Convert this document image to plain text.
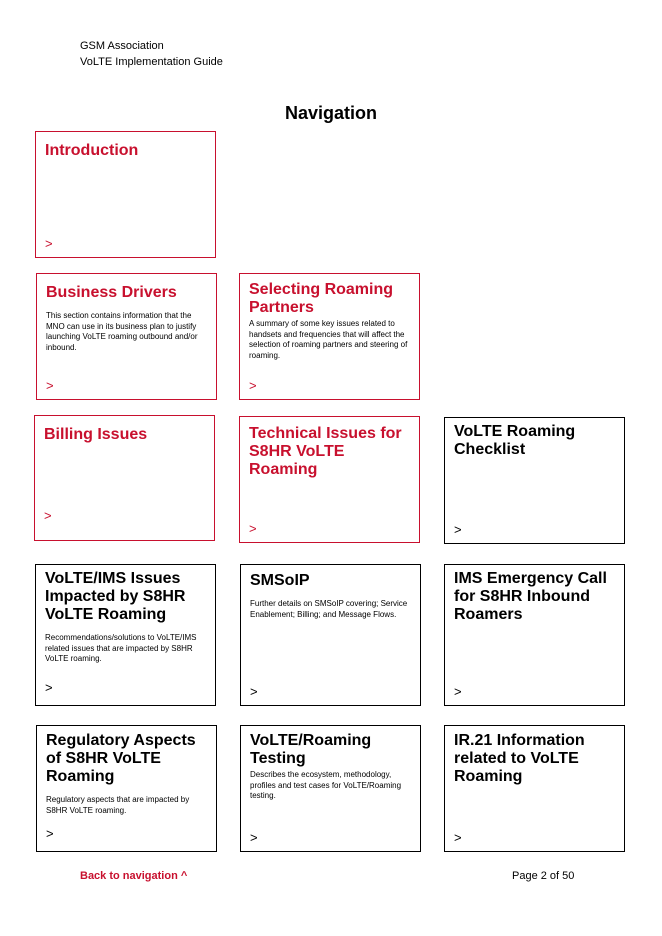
GSM Association
VoLTE Implementation Guide
Navigation
Introduction
>
Business Drivers
This section contains information that the MNO can use in its business plan to justify launching VoLTE roaming outbound and/or inbound.
>
Selecting Roaming Partners
A summary of some key issues related to handsets and frequencies that will affect the selection of roaming partners and steering of roaming.
>
Billing Issues
>
Technical Issues for S8HR VoLTE Roaming
>
VoLTE Roaming Checklist
>
VoLTE/IMS Issues Impacted by S8HR VoLTE Roaming
Recommendations/solutions to VoLTE/IMS related issues that are impacted by S8HR VoLTE roaming.
>
SMSoIP
Further details on SMSoIP covering; Service Enablement; Billing; and Message Flows.
>
IMS Emergency Call for S8HR Inbound Roamers
>
Regulatory Aspects of S8HR VoLTE Roaming
Regulatory aspects that are impacted by S8HR VoLTE roaming.
>
VoLTE/Roaming Testing
Describes the ecosystem, methodology, profiles and test cases for VoLTE/Roaming testing.
>
IR.21 Information related to VoLTE Roaming
>
Back to navigation ^	Page 2 of 50
